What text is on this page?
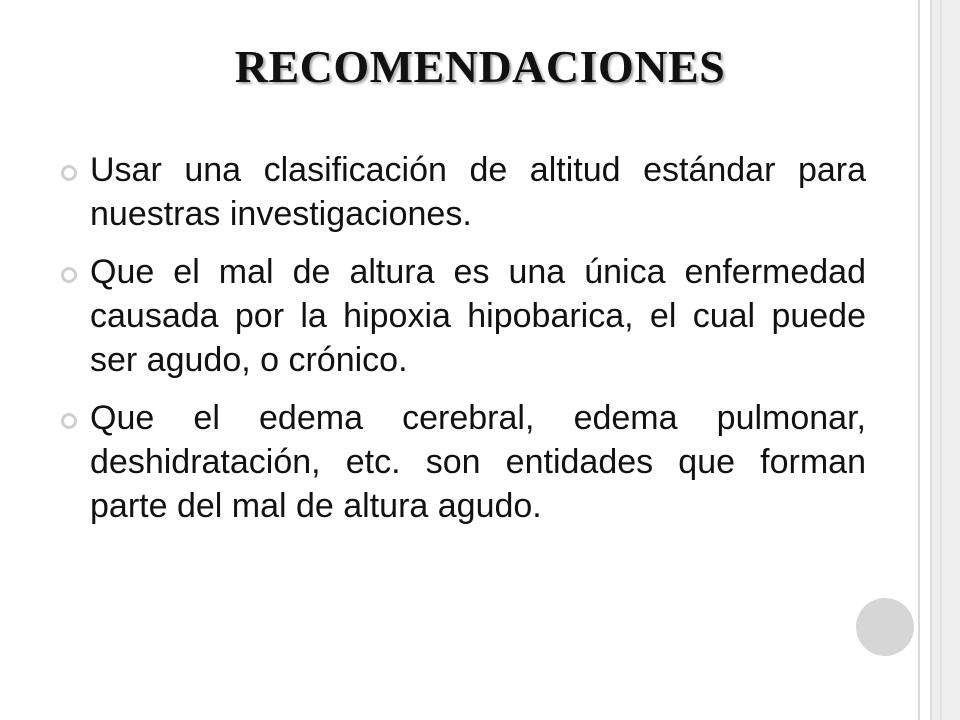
RECOMENDACIONES
Usar una clasificación de altitud estándar para nuestras investigaciones.
Que el mal de altura es una única enfermedad causada por la hipoxia hipobarica, el cual puede ser agudo, o crónico.
Que el edema cerebral, edema pulmonar, deshidratación, etc. son entidades que forman parte del mal de altura agudo.
